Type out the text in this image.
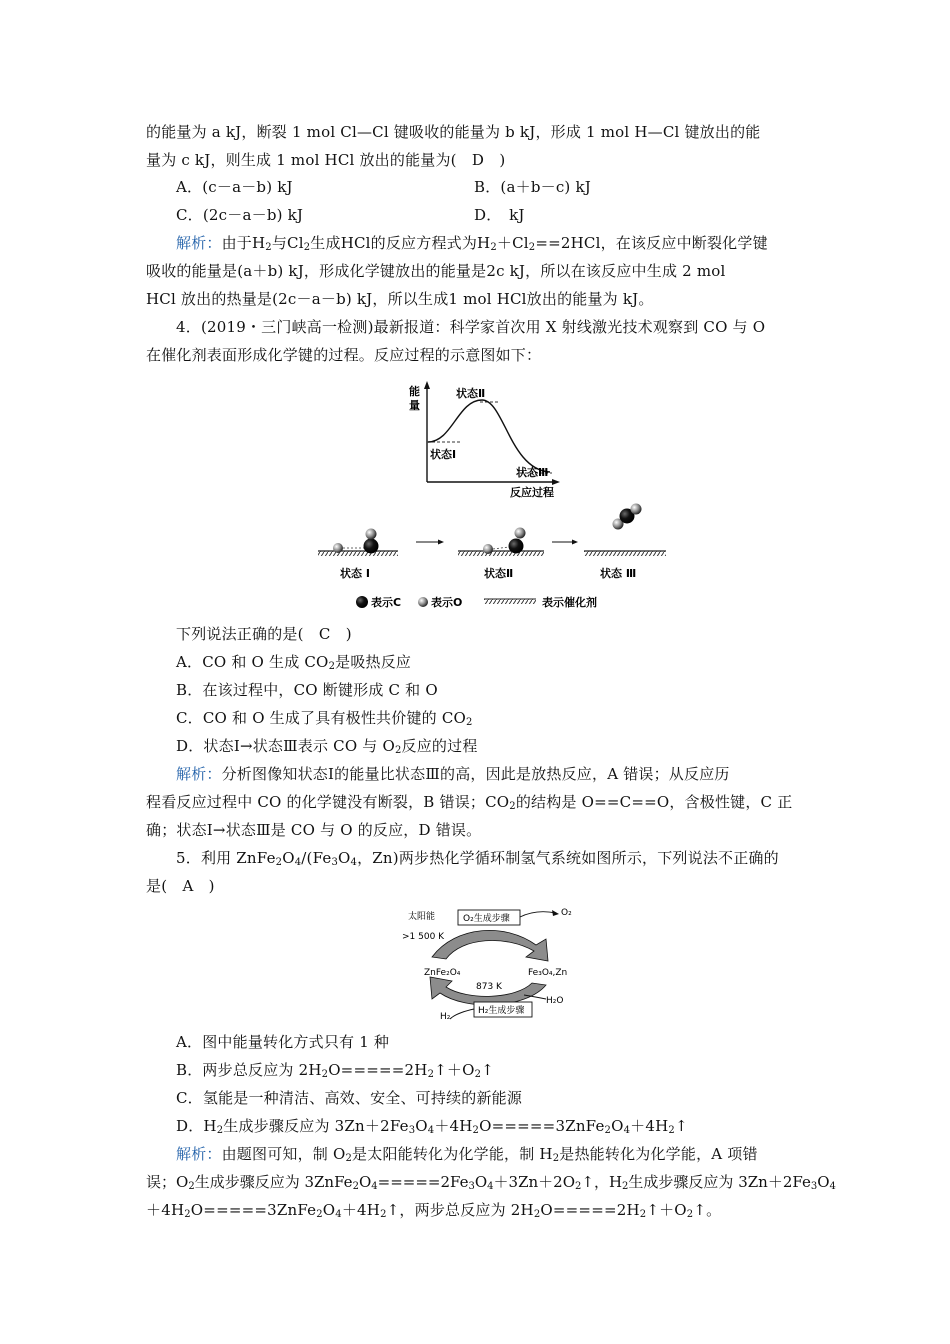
的能量为 a kJ，断裂 1 mol Cl—Cl 键吸收的能量为 b kJ，形成 1 mol H—Cl 键放出的能
量为 c kJ，则生成 1 mol HCl 放出的能量为(　D　)
A．(c－a－b) kJ	B．(a＋b－c) kJ
C．(2c－a－b) kJ	D．　kJ
解析：由于$H_2$与$Cl_2$生成HCl的反应方程式为$H_2+Cl_2==2HCl$，在该反应中断裂化学键
吸收的能量是(a＋b) kJ，形成化学键放出的能量是2c kJ，所以在该反应中生成 2 mol
HCl 放出的热量是(2c－a－b) kJ，所以生成1 mol HCl放出的能量为 kJ。
4．(2019・三门峡高一检测)最新报道：科学家首次用 X 射线激光技术观察到 CO 与 O
在催化剂表面形成化学键的过程。反应过程的示意图如下：
能
量
状态Ⅱ
状态Ⅰ
状态Ⅲ
反应过程
状态 Ⅰ	状态Ⅱ	状态 Ⅲ
表示C	表示O	表示催化剂
下列说法正确的是(　C　)
A．CO 和 O 生成 $CO_2$是吸热反应
B．在该过程中，CO 断键形成 C 和 O
C．CO 和 O 生成了具有极性共价键的 $CO_2$
D．状态Ⅰ→状态Ⅲ表示 CO 与 $O_2$反应的过程
解析：分析图像知状态Ⅰ的能量比状态Ⅲ的高，因此是放热反应，A 错误；从反应历
程看反应过程中 CO 的化学键没有断裂，B 错误；$CO_2$的结构是 O==C==O，含极性键，C 正
确；状态Ⅰ→状态Ⅲ是 CO 与 O 的反应，D 错误。
5．利用 $ZnFe_2O_4/(Fe_3O_4$，Zn)两步热化学循环制氢气系统如图所示，下列说法不正确的
是(　A　)
太阳能
>1 500 K
O₂生成步骤
O₂
ZnFe₂O₄	Fe₃O₄,Zn
873 K
H₂O
H₂生成步骤
H₂
A．图中能量转化方式只有 1 种
B．两步总反应为 $2H_2O=====2H_2↑+O_2↑$
C．氢能是一种清洁、高效、安全、可持续的新能源
D．$H_2$生成步骤反应为 $3Zn+2Fe_3O_4+4H_2O=====3ZnFe_2O_4+4H_2↑$
解析：由题图可知，制 $O_2$是太阳能转化为化学能，制 $H_2$是热能转化为化学能，A 项错
误；$O_2$生成步骤反应为 $3ZnFe_2O_4=====2Fe_3O_4+3Zn+2O_2↑$，$H_2$生成步骤反应为 $3Zn+2Fe_3O_4$
$+4H_2O=====3ZnFe_2O_4+4H_2↑$，两步总反应为 $2H_2O=====2H_2↑+O_2↑$。
